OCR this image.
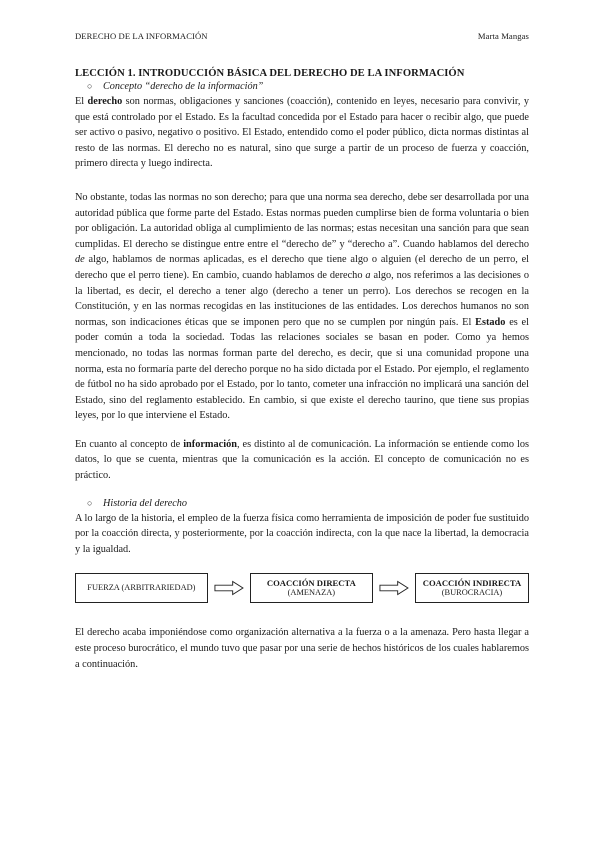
DERECHO DE LA INFORMACIÓN	Marta Mangas
LECCIÓN 1. INTRODUCCIÓN BÁSICA DEL DERECHO DE LA INFORMACIÓN
○ Concepto “derecho de la información”

El derecho son normas, obligaciones y sanciones (coacción), contenido en leyes, necesario para convivir, y que está controlado por el Estado. Es la facultad concedida por el Estado para hacer o recibir algo, que puede ser activo o pasivo, negativo o positivo. El Estado, entendido como el poder público, dicta normas distintas al resto de las normas. El derecho no es natural, sino que surge a partir de un proceso de fuerza y coacción, primero directa y luego indirecta.

No obstante, todas las normas no son derecho; para que una norma sea derecho, debe ser desarrollada por una autoridad pública que forme parte del Estado. Estas normas pueden cumplirse bien de forma voluntaria o bien por obligación. La autoridad obliga al cumplimiento de las normas; estas necesitan una sanción para que sean cumplidas. El derecho se distingue entre entre el “derecho de” y “derecho a”. Cuando hablamos del derecho de algo, hablamos de normas aplicadas, es el derecho que tiene algo o alguien (el derecho de un perro, el derecho que el perro tiene). En cambio, cuando hablamos de derecho a algo, nos referimos a las decisiones o la libertad, es decir, el derecho a tener algo (derecho a tener un perro). Los derechos se recogen en la Constitución, y en las normas recogidas en las instituciones de las entidades. Los derechos humanos no son normas, son indicaciones éticas que se imponen pero que no se cumplen por ningún país. El Estado es el poder común a toda la sociedad. Todas las relaciones sociales se basan en poder. Como ya hemos mencionado, no todas las normas forman parte del derecho, es decir, que si una comunidad propone una norma, esta no formaría parte del derecho porque no ha sido dictada por el Estado. Por ejemplo, el reglamento de fútbol no ha sido aprobado por el Estado, por lo tanto, cometer una infracción no implicará una sanción del Estado, sino del reglamento establecido. En cambio, si que existe el derecho taurino, que tiene sus propias leyes, por lo que interviene el Estado.

En cuanto al concepto de información, es distinto al de comunicación. La información se entiende como los datos, lo que se cuenta, mientras que la comunicación es la acción. El concepto de comunicación no es práctico.

○ Historia del derecho

A lo largo de la historia, el empleo de la fuerza física como herramienta de imposición de poder fue sustituido por la coacción directa, y posteriormente, por la coacción indirecta, con la que nace la libertad, la democracia y la igualdad.

FUERZA (ARBITRARIEDAD)	COACCIÓN DIRECTA
(AMENAZA)
COACCIÓN INDIRECTA
(BUROCRACIA)

El derecho acaba imponiéndose como organización alternativa a la fuerza o a la amenaza. Pero hasta llegar a este proceso burocrático, el mundo tuvo que pasar por una serie de hechos históricos de los cuales hablaremos a continuación.
